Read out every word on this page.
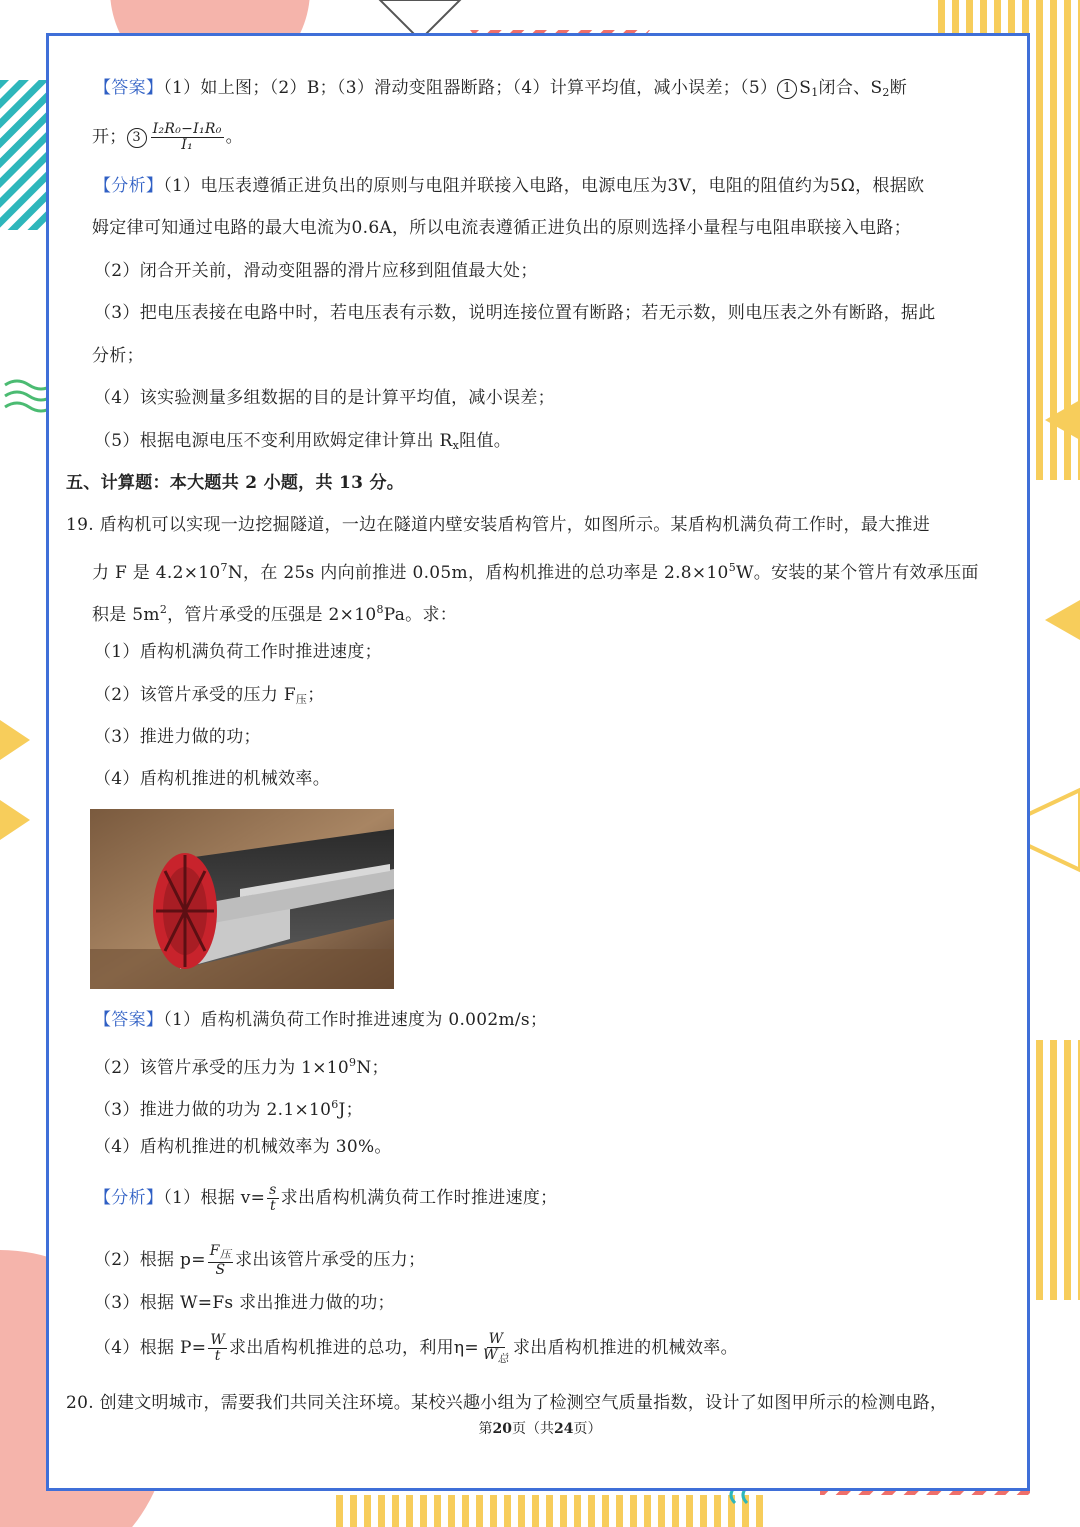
【答案】（1）如上图；（2）B；（3）滑动变阻器断路；（4）计算平均值，减小误差；（5） 1 $S_1$闭合、$S_2$断
开； $3 \frac{\text{I₂R₀−I₁R₀}}{\text{I₁}}$ 。
【分析】（1）电压表遵循正进负出的原则与电阻并联接入电路，电源电压为3V，电阻的阻值约为5Ω，根据欧
姆定律可知通过电路的最大电流为0.6A，所以电流表遵循正进负出的原则选择小量程与电阻串联接入电路；
（2）闭合开关前，滑动变阻器的滑片应移到阻值最大处；
（3）把电压表接在电路中时，若电压表有示数，说明连接位置有断路；若无示数，则电压表之外有断路，据此
分析；
（4）该实验测量多组数据的目的是计算平均值，减小误差；
（5）根据电源电压不变利用欧姆定律计算出 $R_x$阻值。
五、计算题：本大题共 2 小题，共 13 分。
19. 盾构机可以实现一边挖掘隧道，一边在隧道内壁安装盾构管片，如图所示。某盾构机满负荷工作时，最大推进
力 F 是 $4.2\times 10^7N$，在 25s 内向前推进 0.05m，盾构机推进的总功率是 $2.8\times 10^5W$。安装的某个管片有效承压面
积是 $5m^2$，管片承受的压强是 $2\times 10^8Pa$。求：
（1）盾构机满负荷工作时推进速度；
（2）该管片承受的压力 $F_压$；
（3）推进力做的功；
（4）盾构机推进的机械效率。
【答案】（1）盾构机满负荷工作时推进速度为 0.002m/s；
（2）该管片承受的压力为 $1\times 10^9N$；
（3）推进力做的功为 $2.1\times 10^6J$；
（4）盾构机推进的机械效率为 30%。
【分析】（1）根据 $v= \frac{s}{t}$ 求出盾构机满负荷工作时推进速度；
（2）根据 $p= \frac{F_压}{S}$ 求出该管片承受的压力；
（3）根据 W=Fs 求出推进力做的功；
（4）根据 $P= \frac{W}{t}$ 求出盾构机推进的总功，利用$\eta= \frac{W}{W_总}$ 求出盾构机推进的机械效率。
20. 创建文明城市，需要我们共同关注环境。某校兴趣小组为了检测空气质量指数，设计了如图甲所示的检测电路，
第20页（共24页）
